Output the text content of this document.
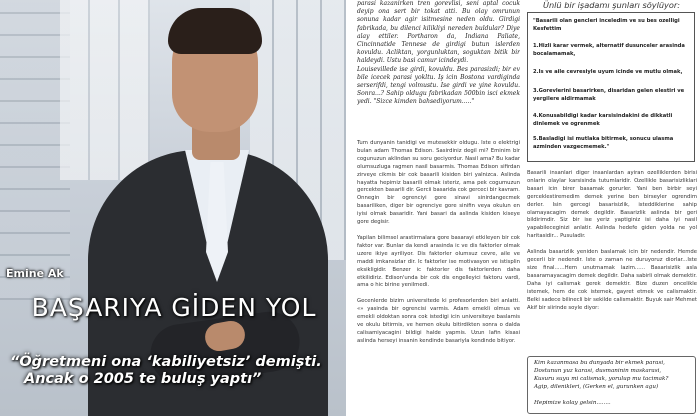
Emine Ak
BAŞARIYA GİDEN YOL
“Öğretmeni ona ‘kabiliyetsiz’ demişti.
Ancak o 2005 te buluş yaptı”

parasi kazanirken tren gorevlisi, seni aptal cocuk deyip ona sert bir tokat atti. Bu olay omrunun sonuna kadar agir isitmesine neden oldu. Girdigi fabrikada, bu dilenci kilikliyi nereden buldular? Diye alay ettiler. Portharon da, Indiana Paliate, Cincinnatide Tennese de girdigi butun islerden kovuldu. Acliktan, yorgunluktan, soguktan bitik bir haldeydi. Ustu basi camur icindeydi.

Louisevillede ise girdi, kovuldu. Bes parasizdi; bir ev bile icecek parasi yokltu. Iş icin Bostona vardiginda serserifdi, tengi volmustu. Ise girdi ve yine kovuldu. Sonra...? Sahip oldugu fabrikadan 500bin isci ekmek yedi. "Sizce kimden bahsediyorum....."

Tum dunyanin tanidigi ve mutesekkir oldugu. Iste o elektrigi bulan adam Thomas Edison. Sasirdiniz degil mi? Eminim bir cogunuzun aklindan su soru geciyordur. Nasil ama? Bu kadar olumsuzluga ragmen nasil basarmis. Thomas Edison sifirdan zirveye cikmis bir cok basarili kisiden biri yalnizca. Aslinda hayatta hepimiz basarili olmak isteriz, ama pek cogumuzun gercekten basarili dir. Gercii basarida cok gerceci bir kavram. Onnegin bir ogrenciyi gore sinavi sinirdangecmek basariliken, diger bir ogrenciye gore sinifin veya okulun en iyisi olmak basaridir. Yani basari da aslinda kisiden kiseye gore degisir.

Yapilan bilimsel arastirmalara gore basarayi etkileyen bir cok faktor var. Bunlar da kendi arasinda ic ve dis faktorler olmak uzere ikiye ayriliyor. Dis faktorler olumsuz cevre, aile ve maddi imkansizlar dir. Ic faktorler ise motivasyon ve istisplin eksikligidir. Benzer ic faktorler dis faktorlerden daha etkilidiriz. Edison'unda bir cok dis engelleyici faktoru vardi, ama o hic birine yenilmedi.

Gecenlerde bizim universitede ki profesorlerden biri anlatti. «» yasinda bir ogrencisi varmis. Adam emekli olmus ve emekli oldoktan sonra cok istedigi icin universiteye baslamis ve okulu bitirmis, ve hemen okulu bitirdikten sonra o dalda calisamiyacagini bildigi halde yapmis. Uzun lafin kisasi aslinda herseyi insanin kendinde basariyla kendinde bitiyor.

Ünlü bir işadamı şunları söylüyor:

"Basarili olan gencleri inceledim ve su bes ozelligi Kesfettim

1.Hizli karar vermek, alternatif dusunceler arasinda bocalamamak,

2.Is ve aile cevresiyle uyum icinde ve mutlu olmak,

3.Gorevlerini basarirken, disaridan gelen elestiri ve yergilere aldirmamak

4.Konusabildigi kadar karsisindakini de dikkatli dinlemek ve ogrenmek

5.Basladigi isi mutlaka bitirmek, sonucu ulasma azminden vazgecmemek."

Basarili insanlari diger insanlardan ayiran ozelliklerden birisi onlarin olaylar karsisinda tutumlaridir. Ozellikle basarisizliklari basari icin birer basamak gorurler. Yani ben birbir seyi gerceklestiremedim demek yerine ben birseyler ogrendim derler. Isin gercegi basarisizlik, isteddiklerine sahip olamayacagim demek degildir. Basarizlik aslinda bir geri bildirimdir. Siz bir ise yeriz yaptiginiz isi daha iyi nasil yapabileceginizi anlatir. Aslinda hedefe giden yolda ne yol haritasidir... Pusuladir.

Aslinda basarizlik yeniden baslamak icin bir nedendir. Hemde gecerli bir nedendir. Iste o zaman ne duruyoruz diorlar...Iste size final......Hem unutmamak lazim...... Basarisizlik asla basaramayacagim demek degildir. Daha sabirli olmak demektir. Daha iyi calismak gerek demektir. Bize duzen oncelikle istemek, hem de cok istemek, gayret etmek ve calismaktir. Belki sadece bilinecli bir sekilde calismaktir. Buyuk sair Mehmet Akif bir siirinde soyle diyor:

Kim kazanmasa bu dunyada bir ekmek parasi,

Dostunun yuz karasi, dusmaninin maskarasi,

Kusuru suyu mi calismak, yorulup mu tacimak?

Agip, dilenikleri, (Gerken el, gurunken agu)

Hepimize kolay gelsin........
